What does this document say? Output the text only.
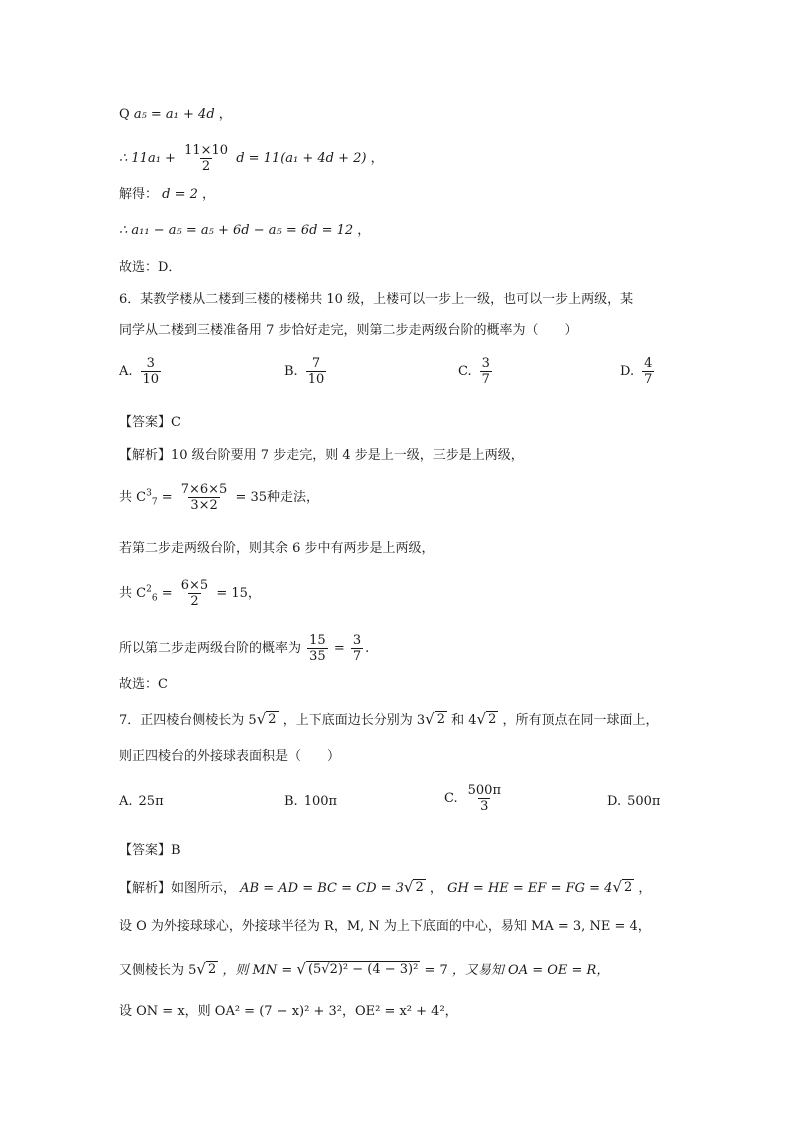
Q a₅ = a₁ + 4d ，
∴ $11a_1 + \frac{11\times 10}{2}$ d = 11(a₁ + 4d + 2) ，
解得： d = 2 ，
∴ a₁₁ − a₅ = a₅ + 6d − a₅ = 6d = 12 ，
故选：D．
6．某教学楼从二楼到三楼的楼梯共 10 级，上楼可以一步上一级，也可以一步上两级，某
同学从二楼到三楼准备用 7 步恰好走完，则第二步走两级台阶的概率为（　　）
A. $\frac{3}{10}$	B. $\frac{7}{10}$	C. $\frac{3}{7}$	D. $\frac{4}{7}$
【答案】C
【解析】10 级台阶要用 7 步走完，则 4 步是上一级，三步是上两级，
共 $C^3_7 = \frac{7\times 6\times 5}{3\times 2} = 35$种走法，
若第二步走两级台阶，则其余 6 步中有两步是上两级，
共 $C^2_6 = \frac{6\times 5}{2} = 15$，
所以第二步走两级台阶的概率为 $\frac{15}{35} = \frac{3}{7}$ .
故选：C
7．正四棱台侧棱长为 5 √ 2 ，上下底面边长分别为 3 √ 2 和 4 √ 2 ，所有顶点在同一球面上，
则正四棱台的外接球表面积是（　　）
A. 25π	B. 100π	C. $\frac{500\pi}{3}$	D. 500π
【答案】B
【解析】如图所示， AB = AD = BC = CD = 3 √ 2 ， GH = HE = EF = FG = 4 √ 2 ，
设 O 为外接球球心，外接球半径为 R，M, N 为上下底面的中心，易知 MA = 3, NE = 4，
又侧棱长为 5 √ 2 ，则 MN = √ (5√2)² − (4 − 3)² = 7 ，又易知 OA = OE = R，
设 ON = x，则 OA² = (7 − x)² + 3²，OE² = x² + 4²，
